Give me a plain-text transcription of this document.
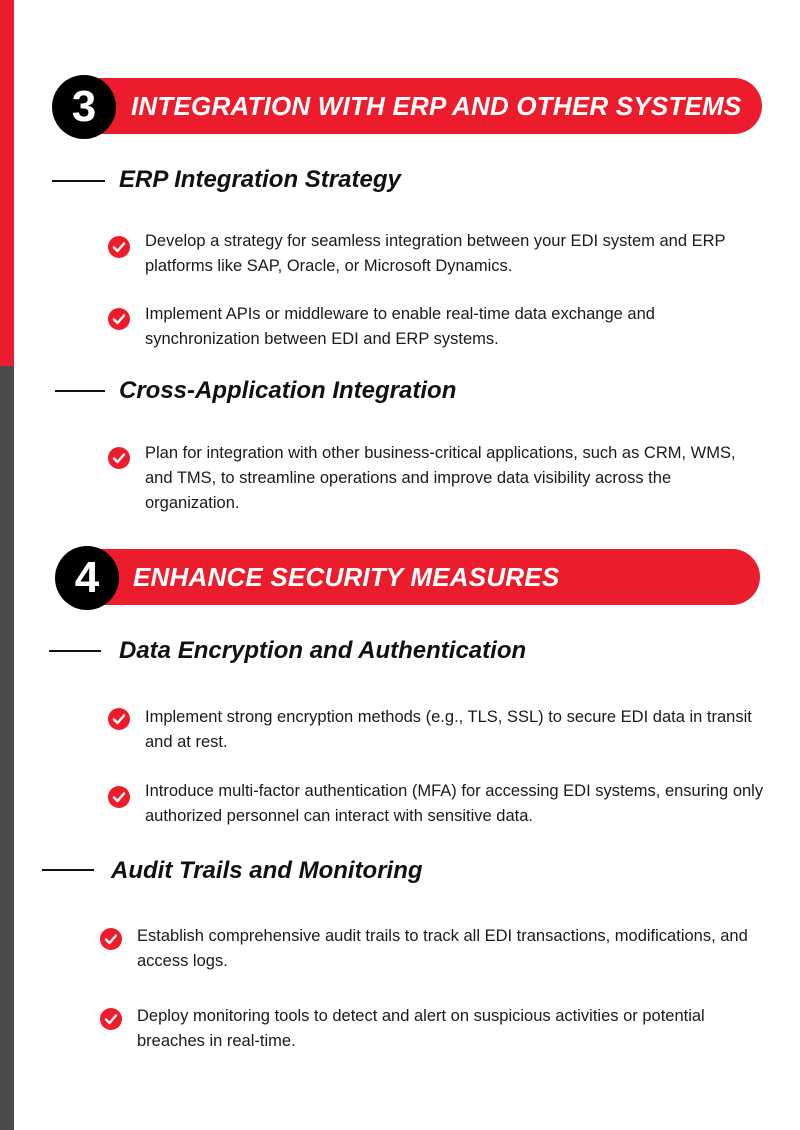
3	INTEGRATION WITH ERP AND OTHER SYSTEMS
ERP Integration Strategy
Develop a strategy for seamless integration between your EDI system and ERP platforms like SAP, Oracle, or Microsoft Dynamics.
Implement APIs or middleware to enable real-time data exchange and synchronization between EDI and ERP systems.
Cross-Application Integration
Plan for integration with other business-critical applications, such as CRM, WMS, and TMS, to streamline operations and improve data visibility across the organization.
4	ENHANCE SECURITY MEASURES
Data Encryption and Authentication
Implement strong encryption methods (e.g., TLS, SSL) to secure EDI data in transit and at rest.
Introduce multi-factor authentication (MFA) for accessing EDI systems, ensuring only authorized personnel can interact with sensitive data.
Audit Trails and Monitoring
Establish comprehensive audit trails to track all EDI transactions, modifications, and access logs.
Deploy monitoring tools to detect and alert on suspicious activities or potential breaches in real-time.
